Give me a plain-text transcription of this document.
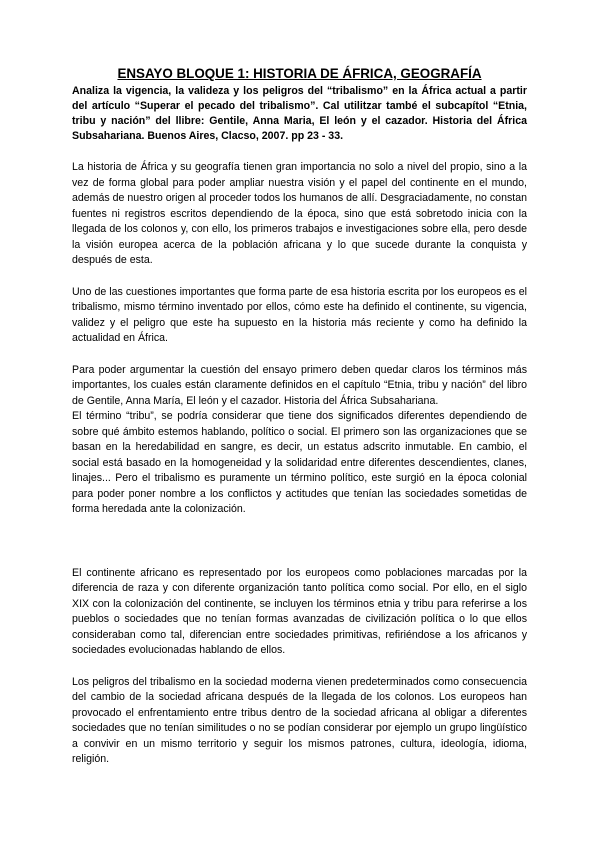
ENSAYO BLOQUE 1: HISTORIA DE ÁFRICA, GEOGRAFÍA

Analiza la vigencia, la valideza y los peligros del “tribalismo” en la África actual a partir del artículo “Superar el pecado del tribalismo”. Cal utilitzar també el subcapítol “Etnia, tribu y nación” del llibre: Gentile, Anna Maria, El león y el cazador. Historia del África Subsahariana. Buenos Aires, Clacso, 2007. pp 23 - 33.

La historia de África y su geografía tienen gran importancia no solo a nivel del propio, sino a la vez de forma global para poder ampliar nuestra visión y el papel del continente en el mundo, además de nuestro origen al proceder todos los humanos de allí. Desgraciadamente, no constan fuentes ni registros escritos dependiendo de la época, sino que está sobretodo inicia con la llegada de los colonos y, con ello, los primeros trabajos e investigaciones sobre ella, pero desde la visión europea acerca de la población africana y lo que sucede durante la conquista y después de esta.

Uno de las cuestiones importantes que forma parte de esa historia escrita por los europeos es el tribalismo, mismo término inventado por ellos, cómo este ha definido el continente, su vigencia, validez y el peligro que este ha supuesto en la historia más reciente y como ha definido la actualidad en África.

Para poder argumentar la cuestión del ensayo primero deben quedar claros los términos más importantes, los cuales están claramente definidos en el capítulo “Etnia, tribu y nación” del libro de Gentile, Anna María, El león y el cazador. Historia del África Subsahariana.

El término “tribu”, se podría considerar que tiene dos significados diferentes dependiendo de sobre qué ámbito estemos hablando, político o social. El primero son las organizaciones que se basan en la heredabilidad en sangre, es decir, un estatus adscrito inmutable. En cambio, el social está basado en la homogeneidad y la solidaridad entre diferentes descendientes, clanes, linajes... Pero el tribalismo es puramente un término político, este surgió en la época colonial para poder poner nombre a los conflictos y actitudes que tenían las sociedades sometidas de forma heredada ante la colonización.

El continente africano es representado por los europeos como poblaciones marcadas por la diferencia de raza y con diferente organización tanto política como social. Por ello, en el siglo XIX con la colonización del continente, se incluyen los términos etnia y tribu para referirse a los pueblos o sociedades que no tenían formas avanzadas de civilización política o lo que ellos consideraban como tal, diferencian entre sociedades primitivas, refiriéndose a los africanos y sociedades evolucionadas hablando de ellos.

Los peligros del tribalismo en la sociedad moderna vienen predeterminados como consecuencia del cambio de la sociedad africana después de la llegada de los colonos. Los europeos han provocado el enfrentamiento entre tribus dentro de la sociedad africana al obligar a diferentes sociedades que no tenían similitudes o no se podían considerar por ejemplo un grupo lingüístico a convivir en un mismo territorio y seguir los mismos patrones, cultura, ideología, idioma, religión.
